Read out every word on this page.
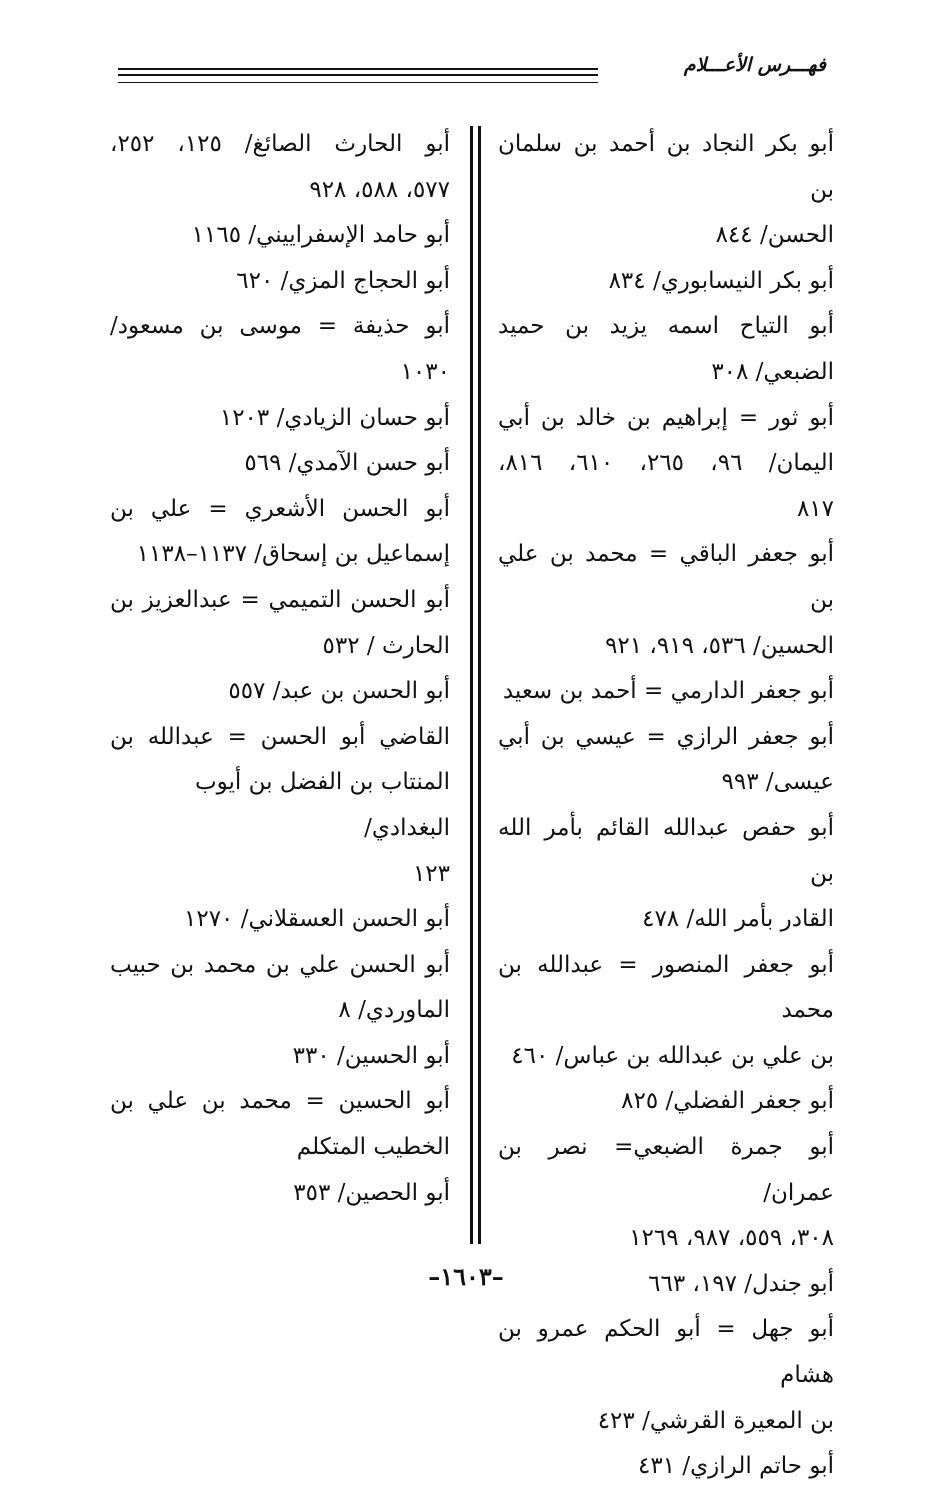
فهـــرس الأعـــلام
أبو بكر النجاد بن أحمد بن سلمان بن
الحسن/ ٨٤٤
أبو بكر النيسابوري/ ٨٣٤
أبو التياح اسمه يزيد بن حميد
الضبعي/ ٣٠٨
أبو ثور = إبراهيم بن خالد بن أبي
اليمان/ ٩٦، ٢٦٥، ٦١٠، ٨١٦،
٨١٧
أبو جعفر الباقي = محمد بن علي بن
الحسين/ ٥٣٦، ٩١٩، ٩٢١
أبو جعفر الدارمي = أحمد بن سعيد
أبو جعفر الرازي = عيسي بن أبي
عيسى/ ٩٩٣
أبو حفص عبدالله القائم بأمر الله بن
القادر بأمر الله/ ٤٧٨
أبو جعفر المنصور = عبدالله بن محمد
بن علي بن عبدالله بن عباس/ ٤٦٠
أبو جعفر الفضلي/ ٨٢٥
أبو جمرة الضبعي= نصر بن عمران/
٣٠٨، ٥٥٩، ٩٨٧، ١٢٦٩
أبو جندل/ ١٩٧، ٦٦٣
أبو جهل = أبو الحكم عمرو بن هشام
بن المعيرة القرشي/ ٤٢٣
أبو حاتم الرازي/ ٤٣١
أبو الحارث الصائغ/ ١٢٥، ٢٥٢،
٥٧٧، ٥٨٨، ٩٢٨
أبو حامد الإسفراييني/ ١١٦٥
أبو الحجاج المزي/ ٦٢٠
أبو حذيفة = موسى بن مسعود/
١٠٣٠
أبو حسان الزيادي/ ١٢٠٣
أبو حسن الآمدي/ ٥٦٩
أبو الحسن الأشعري = علي بن
إسماعيل بن إسحاق/ ١١٣٧–١١٣٨
أبو الحسن التميمي = عبدالعزيز بن
الحارث / ٥٣٢
أبو الحسن بن عبد/ ٥٥٧
القاضي أبو الحسن = عبدالله بن
المنتاب بن الفضل بن أيوب البغدادي/
١٢٣
أبو الحسن العسقلاني/ ١٢٧٠
أبو الحسن علي بن محمد بن حبيب
الماوردي/ ٨
أبو الحسين/ ٣٣٠
أبو الحسين = محمد بن علي بن
الخطيب المتكلم
أبو الحصين/ ٣٥٣
–١٦٠٣–
